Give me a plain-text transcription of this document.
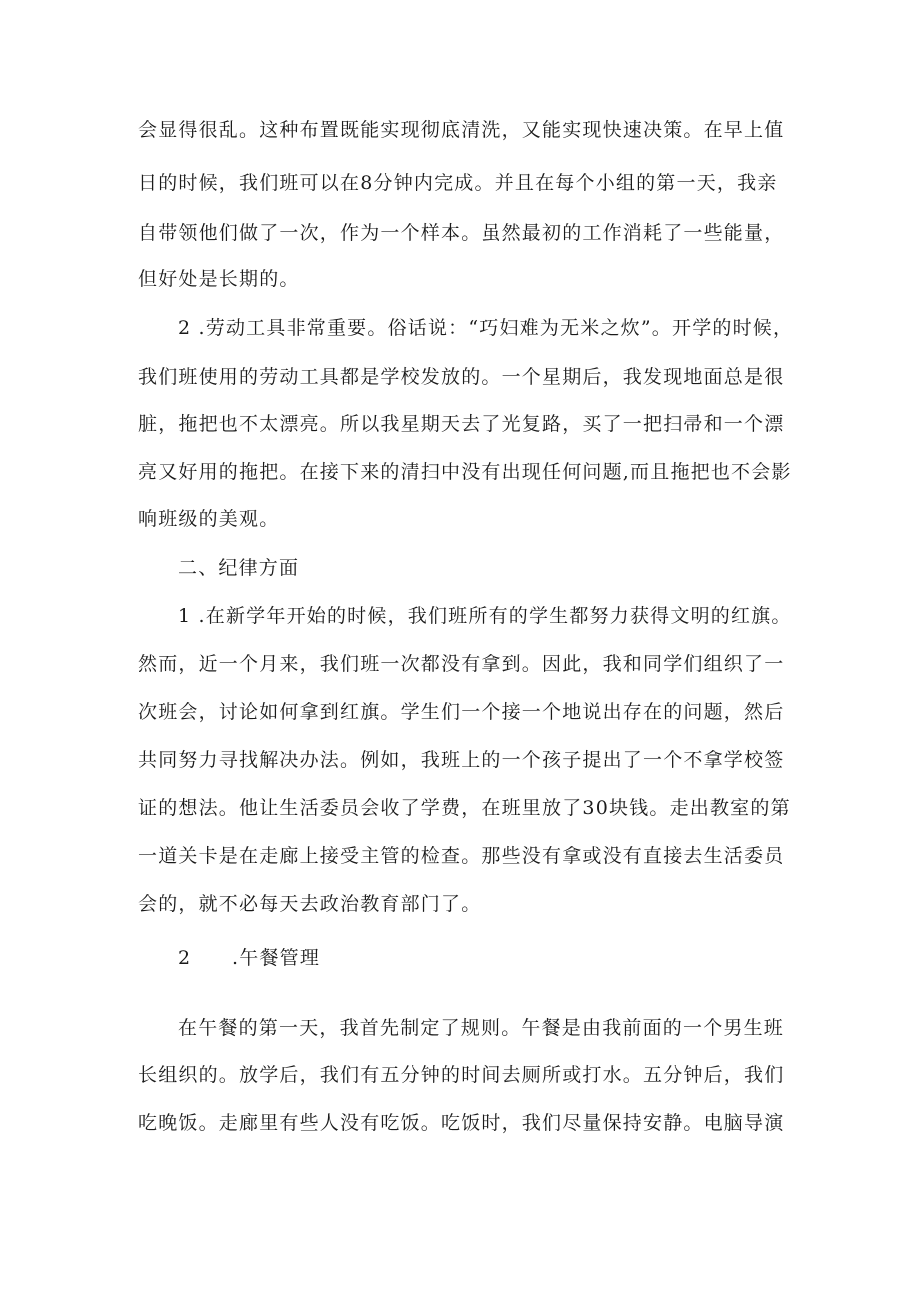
会显得很乱。这种布置既能实现彻底清洗，又能实现快速决策。在早上值
日的时候，我们班可以在8分钟内完成。并且在每个小组的第一天，我亲
自带领他们做了一次，作为一个样本。虽然最初的工作消耗了一些能量，
但好处是长期的。
2 .劳动工具非常重要。俗话说：“巧妇难为无米之炊”。开学的时候，
我们班使用的劳动工具都是学校发放的。一个星期后，我发现地面总是很
脏，拖把也不太漂亮。所以我星期天去了光复路，买了一把扫帚和一个漂
亮又好用的拖把。在接下来的清扫中没有出现任何问题,而且拖把也不会影
响班级的美观。
二、纪律方面
1 .在新学年开始的时候，我们班所有的学生都努力获得文明的红旗。
然而，近一个月来，我们班一次都没有拿到。因此，我和同学们组织了一
次班会，讨论如何拿到红旗。学生们一个接一个地说出存在的问题，然后
共同努力寻找解决办法。例如，我班上的一个孩子提出了一个不拿学校签
证的想法。他让生活委员会收了学费，在班里放了30块钱。走出教室的第
一道关卡是在走廊上接受主管的检查。那些没有拿或没有直接去生活委员
会的，就不必每天去政治教育部门了。
2 .午餐管理
在午餐的第一天，我首先制定了规则。午餐是由我前面的一个男生班
长组织的。放学后，我们有五分钟的时间去厕所或打水。五分钟后，我们
吃晚饭。走廊里有些人没有吃饭。吃饭时，我们尽量保持安静。电脑导演
